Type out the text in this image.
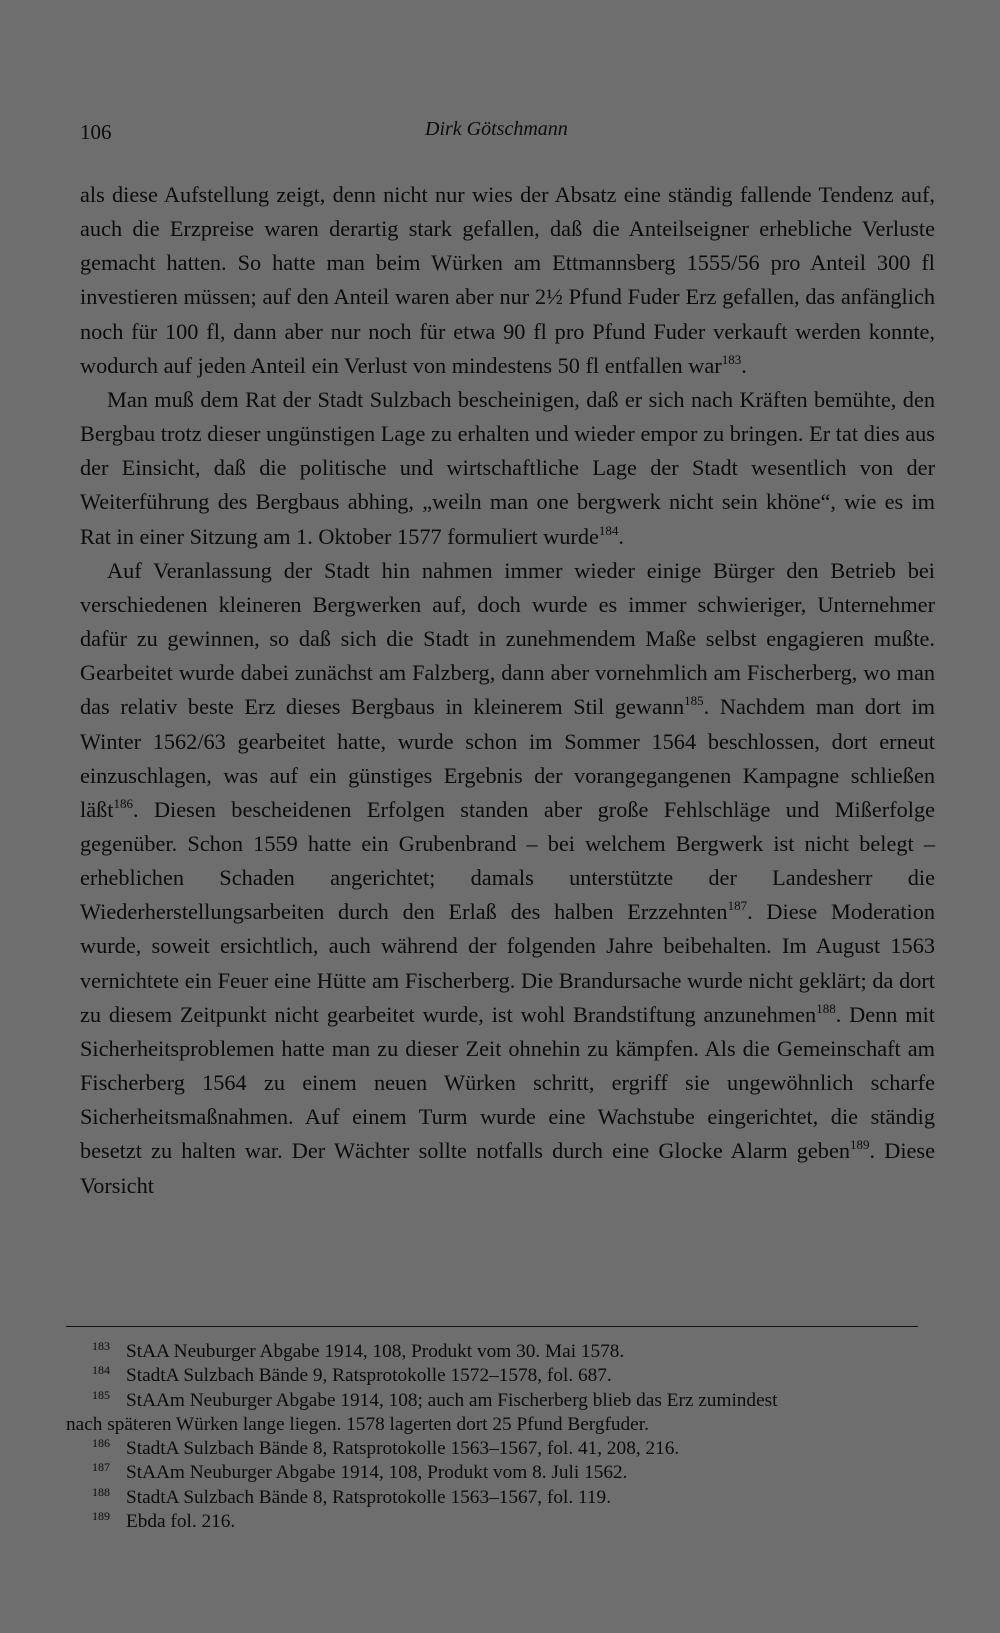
106	Dirk Götschmann

als diese Aufstellung zeigt, denn nicht nur wies der Absatz eine ständig fallende Tendenz auf, auch die Erzpreise waren derartig stark gefallen, daß die Anteilseigner erhebliche Verluste gemacht hatten. So hatte man beim Würken am Ettmannsberg 1555/56 pro Anteil 300 fl investieren müssen; auf den Anteil waren aber nur 2½ Pfund Fuder Erz gefallen, das anfänglich noch für 100 fl, dann aber nur noch für etwa 90 fl pro Pfund Fuder verkauft werden konnte, wodurch auf jeden Anteil ein Verlust von mindestens 50 fl entfallen war$^{183}$.

Man muß dem Rat der Stadt Sulzbach bescheinigen, daß er sich nach Kräften bemühte, den Bergbau trotz dieser ungünstigen Lage zu erhalten und wieder empor zu bringen. Er tat dies aus der Einsicht, daß die politische und wirtschaftliche Lage der Stadt wesentlich von der Weiterführung des Bergbaus abhing, „weiln man one bergwerk nicht sein khöne“, wie es im Rat in einer Sitzung am 1. Oktober 1577 formuliert wurde$^{184}$.

Auf Veranlassung der Stadt hin nahmen immer wieder einige Bürger den Betrieb bei verschiedenen kleineren Bergwerken auf, doch wurde es immer schwieriger, Unternehmer dafür zu gewinnen, so daß sich die Stadt in zunehmendem Maße selbst engagieren mußte. Gearbeitet wurde dabei zunächst am Falzberg, dann aber vornehmlich am Fischerberg, wo man das relativ beste Erz dieses Bergbaus in kleinerem Stil gewann$^{185}$. Nachdem man dort im Winter 1562/63 gearbeitet hatte, wurde schon im Sommer 1564 beschlossen, dort erneut einzuschlagen, was auf ein günstiges Ergebnis der vorangegangenen Kampagne schließen läßt$^{186}$. Diesen bescheidenen Erfolgen standen aber große Fehlschläge und Mißerfolge gegenüber. Schon 1559 hatte ein Grubenbrand – bei welchem Bergwerk ist nicht belegt – erheblichen Schaden angerichtet; damals unterstützte der Landesherr die Wiederherstellungsarbeiten durch den Erlaß des halben Erzzehnten$^{187}$. Diese Moderation wurde, soweit ersichtlich, auch während der folgenden Jahre beibehalten. Im August 1563 vernichtete ein Feuer eine Hütte am Fischerberg. Die Brandursache wurde nicht geklärt; da dort zu diesem Zeitpunkt nicht gearbeitet wurde, ist wohl Brandstiftung anzunehmen$^{188}$. Denn mit Sicherheitsproblemen hatte man zu dieser Zeit ohnehin zu kämpfen. Als die Gemeinschaft am Fischerberg 1564 zu einem neuen Würken schritt, ergriff sie ungewöhnlich scharfe Sicherheitsmaßnahmen. Auf einem Turm wurde eine Wachstube eingerichtet, die ständig besetzt zu halten war. Der Wächter sollte notfalls durch eine Glocke Alarm geben$^{189}$. Diese Vorsicht

183 StAA Neuburger Abgabe 1914, 108, Produkt vom 30. Mai 1578.
184 StadtA Sulzbach Bände 9, Ratsprotokolle 1572–1578, fol. 687.
185 StAAm Neuburger Abgabe 1914, 108; auch am Fischerberg blieb das Erz zumindest
nach späteren Würken lange liegen. 1578 lagerten dort 25 Pfund Bergfuder.
186 StadtA Sulzbach Bände 8, Ratsprotokolle 1563–1567, fol. 41, 208, 216.
187 StAAm Neuburger Abgabe 1914, 108, Produkt vom 8. Juli 1562.
188 StadtA Sulzbach Bände 8, Ratsprotokolle 1563–1567, fol. 119.
189 Ebda fol. 216.
